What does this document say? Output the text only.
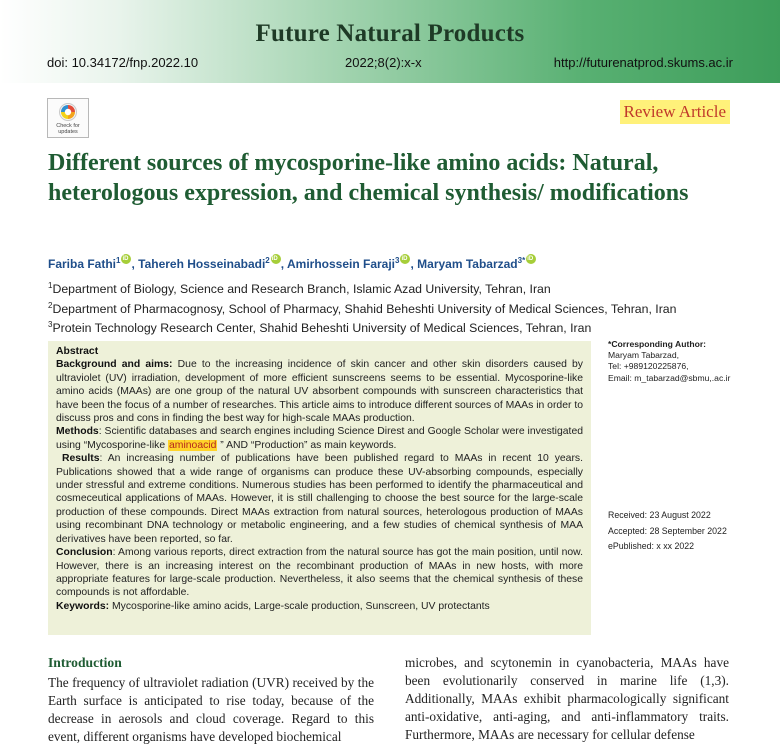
Future Natural Products
doi: 10.34172/fnp.2022.10	2022;8(2):x-x	http://futurenatprod.skums.ac.ir
Check for updates
Review Article
Different sources of mycosporine-like amino acids: Natural, heterologous expression, and chemical synthesis/ modifications
Fariba Fathi$^1$ iD , Tahereh Hosseinabadi$^2$ iD , Amirhossein Faraji$^3$ iD , Maryam Tabarzad$^{3*}$iD
$^1$Department of Biology, Science and Research Branch, Islamic Azad University, Tehran, Iran
$^2$Department of Pharmacognosy, School of Pharmacy, Shahid Beheshti University of Medical Sciences, Tehran, Iran
$^3$Protein Technology Research Center, Shahid Beheshti University of Medical Sciences, Tehran, Iran

Abstract

Background and aims: Due to the increasing incidence of skin cancer and other skin disorders caused by ultraviolet (UV) irradiation, development of more efficient sunscreens seems to be essential. Mycosporine-like amino acids (MAAs) are one group of the natural UV absorbent compounds with sunscreen characteristics that have been the focus of a number of researches. This article aims to introduce different sources of MAAs in order to discuss pros and cons in finding the best way for high-scale MAAs production.

Methods: Scientific databases and search engines including Science Direst and Google Scholar were investigated using “Mycosporine-like aminoacid ” AND “Production” as main keywords.

Results: An increasing number of publications have been published regard to MAAs in recent 10 years. Publications showed that a wide range of organisms can produce these UV-absorbing compounds, especially under stressful and extreme conditions. Numerous studies has been performed to identify the pharmaceutical and cosmeceutical applications of MAAs. However, it is still challenging to choose the best source for the large-scale production of these compounds. Direct MAAs extraction from natural sources, heterologous production of MAAs using recombinant DNA technology or metabolic engineering, and a few studies of chemical synthesis of MAA derivatives have been reported, so far.

Conclusion: Among various reports, direct extraction from the natural source has got the main position, until now. However, there is an increasing interest on the recombinant production of MAAs in new hosts, with more appropriate features for large-scale production. Nevertheless, it also seems that the chemical synthesis of these compounds is not affordable.

Keywords: Mycosporine-like amino acids, Large-scale production, Sunscreen, UV protectants

*Corresponding Author:
Maryam Tabarzad,
Tel: +989120225876,
Email: m_tabarzad@sbmu,.ac.ir
Received: 23 August 2022
Accepted: 28 September 2022
ePublished: x xx 2022
Introduction

The frequency of ultraviolet radiation (UVR) received by the Earth surface is anticipated to rise today, because of the decrease in aerosols and cloud coverage. Regard to this event, different organisms have developed biochemical

microbes, and scytonemin in cyanobacteria, MAAs have been evolutionarily conserved in marine life (1,3). Additionally, MAAs exhibit pharmacologically significant anti-oxidative, anti-aging, and anti-inflammatory traits. Furthermore, MAAs are necessary for cellular defense
